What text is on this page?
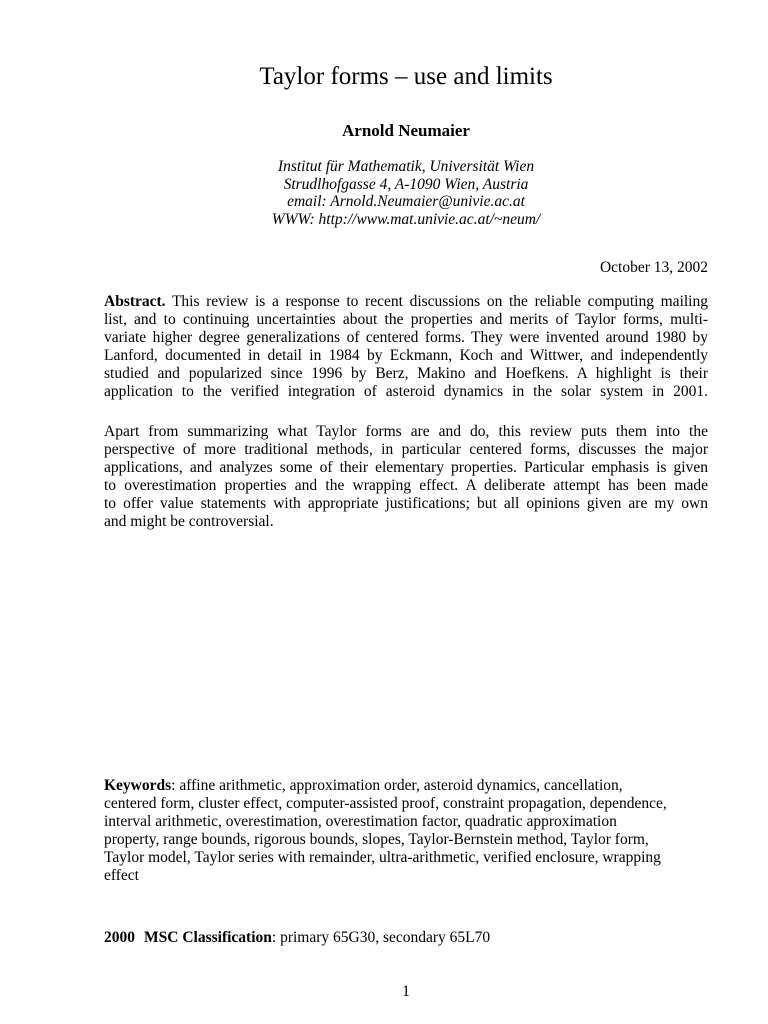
Taylor forms – use and limits
Arnold Neumaier
Institut für Mathematik, Universität Wien
Strudlhofgasse 4, A-1090 Wien, Austria
email: Arnold.Neumaier@univie.ac.at
WWW: http://www.mat.univie.ac.at/~neum/
October 13, 2002
Abstract. This review is a response to recent discussions on the reliable computing mailing
list, and to continuing uncertainties about the properties and merits of Taylor forms, multi-
variate higher degree generalizations of centered forms. They were invented around 1980 by
Lanford, documented in detail in 1984 by Eckmann, Koch and Wittwer, and independently
studied and popularized since 1996 by Berz, Makino and Hoefkens. A highlight is their
application to the verified integration of asteroid dynamics in the solar system in 2001.
Apart from summarizing what Taylor forms are and do, this review puts them into the
perspective of more traditional methods, in particular centered forms, discusses the major
applications, and analyzes some of their elementary properties. Particular emphasis is given
to overestimation properties and the wrapping effect. A deliberate attempt has been made
to offer value statements with appropriate justifications; but all opinions given are my own
and might be controversial.
Keywords: affine arithmetic, approximation order, asteroid dynamics, cancellation,
centered form, cluster effect, computer-assisted proof, constraint propagation, dependence,
interval arithmetic, overestimation, overestimation factor, quadratic approximation
property, range bounds, rigorous bounds, slopes, Taylor-Bernstein method, Taylor form,
Taylor model, Taylor series with remainder, ultra-arithmetic, verified enclosure, wrapping
effect
2000 MSC Classification: primary 65G30, secondary 65L70
1
